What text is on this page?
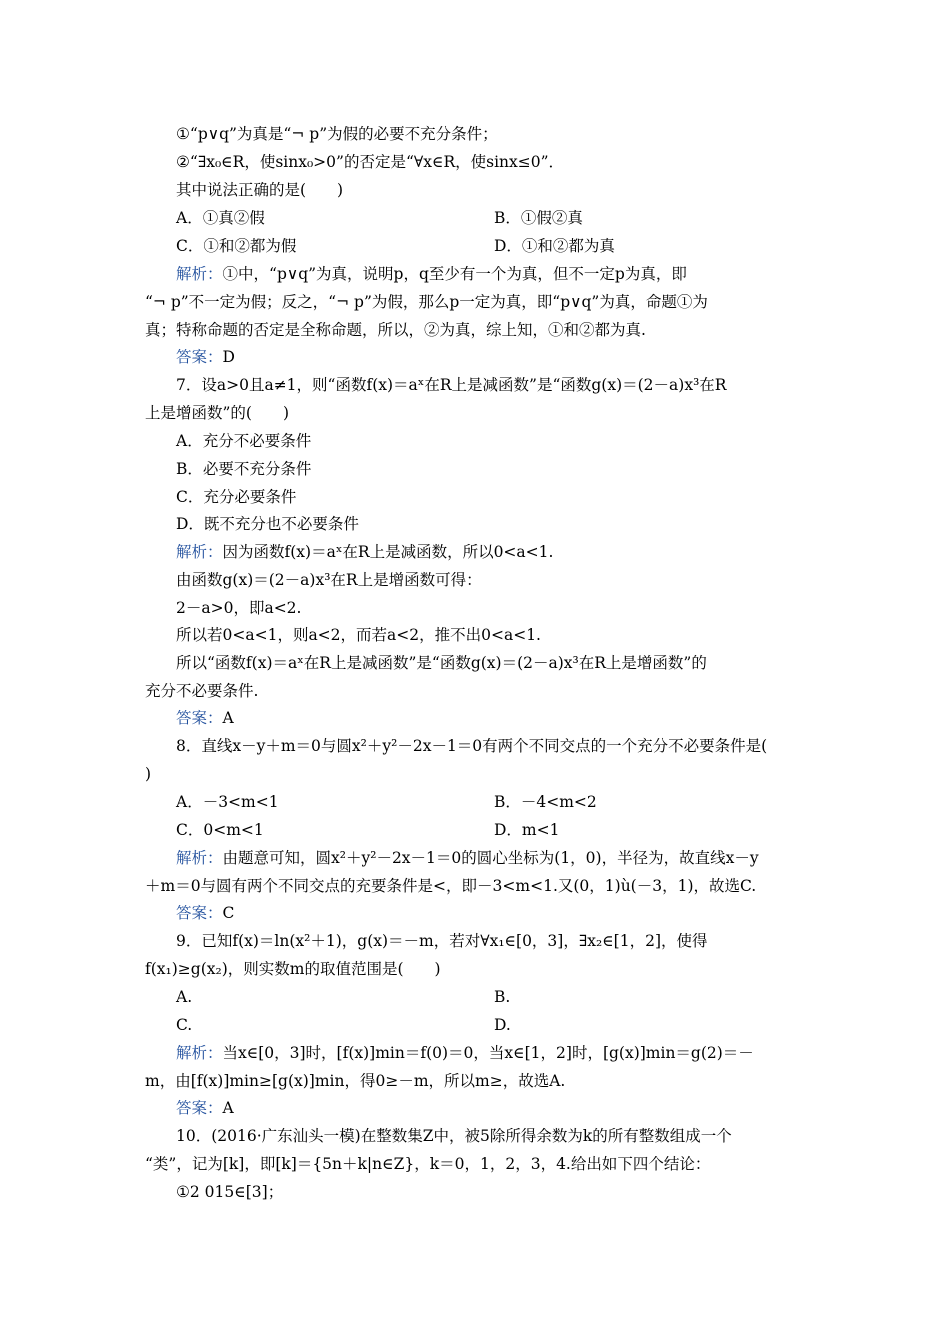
①“p∨q”为真是“¬ p”为假的必要不充分条件；
②“∃x₀∈R，使sinx₀>0”的否定是“∀x∈R，使sinx≤0”．
其中说法正确的是(　　)
A．①真②假	B．①假②真
C．①和②都为假	D．①和②都为真
解析：①中，“p∨q”为真，说明p，q至少有一个为真，但不一定p为真，即
“¬ p”不一定为假；反之，“¬ p”为假，那么p一定为真，即“p∨q”为真，命题①为
真；特称命题的否定是全称命题，所以，②为真，综上知，①和②都为真.
答案：D
7．设a>0且a≠1，则“函数f(x)＝aˣ在R上是减函数”是“函数g(x)＝(2－a)x³在R
上是增函数”的(　　)
A．充分不必要条件
B．必要不充分条件
C．充分必要条件
D．既不充分也不必要条件
解析：因为函数f(x)＝aˣ在R上是减函数，所以0<a<1.
由函数g(x)＝(2－a)x³在R上是增函数可得：
2－a>0，即a<2.
所以若0<a<1，则a<2，而若a<2，推不出0<a<1.
所以“函数f(x)＝aˣ在R上是减函数”是“函数g(x)＝(2－a)x³在R上是增函数”的
充分不必要条件.
答案：A
8．直线x－y＋m＝0与圆x²＋y²－2x－1＝0有两个不同交点的一个充分不必要条件是(
)
A．－3<m<1	B．－4<m<2
C．0<m<1	D．m<1
解析：由题意可知，圆x²＋y²－2x－1＝0的圆心坐标为(1，0)，半径为，故直线x－y
＋m＝0与圆有两个不同交点的充要条件是<，即－3<m<1.又(0，1)ù(－3，1)，故选C.
答案：C
9．已知f(x)＝ln(x²＋1)，g(x)＝－m，若对∀x₁∈[0，3]，∃x₂∈[1，2]，使得
f(x₁)≥g(x₂)，则实数m的取值范围是(　　)
A.	B.
C.	D.
解析：当x∈[0，3]时，[f(x)]min＝f(0)＝0，当x∈[1，2]时，[g(x)]min＝g(2)＝－
m，由[f(x)]min≥[g(x)]min，得0≥－m，所以m≥，故选A.
答案：A
10．(2016·广东汕头一模)在整数集Z中，被5除所得余数为k的所有整数组成一个
“类”，记为[k]，即[k]＝{5n＋k|n∈Z}，k＝0，1，2，3，4.给出如下四个结论：
①2 015∈[3]；
